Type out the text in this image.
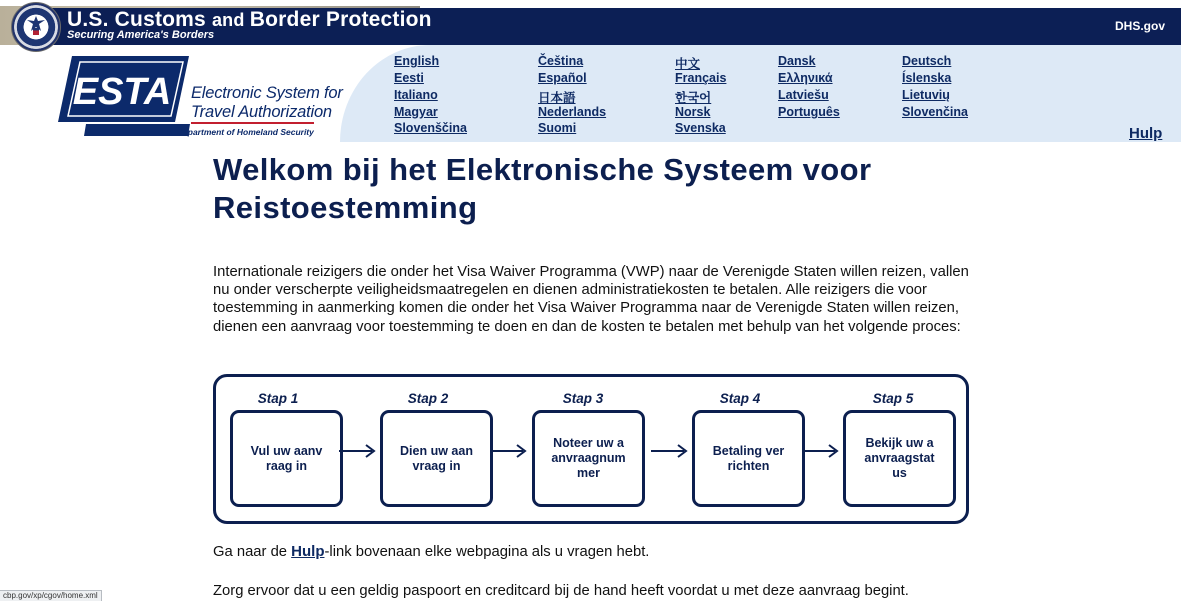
U.S. Customs and Border Protection
Securing America's Borders
DHS.gov
ESTA Electronic System for
Travel Authorization
U.S. Department of Homeland Security
English	Čeština	中文	Dansk	Deutsch
Eesti	Español	Français	Ελληνικά	Íslenska
Italiano	日本語	한국어	Latviešu	Lietuvių
Magyar	Nederlands	Norsk	Português	Slovenčina
Slovenščina	Suomi	Svenska	Hulp
Welkom bij het Elektronische Systeem voor Reistoestemming

Internationale reizigers die onder het Visa Waiver Programma (VWP) naar de Verenigde Staten willen reizen, vallen nu onder verscherpte veiligheidsmaatregelen en dienen administratiekosten te betalen. Alle reizigers die voor toestemming in aanmerking komen die onder het Visa Waiver Programma naar de Verenigde Staten willen reizen, dienen een aanvraag voor toestemming te doen en dan de kosten te betalen met behulp van het volgende proces:

Stap 1	Stap 2	Stap 3	Stap 4	Stap 5
Vul uw aanvraag in
Dien uw aanvraag in
Noteer uw aanvraagnummer
Betaling verrichten
Bekijk uw aanvraagstatus
Ga naar de Hulp-link bovenaan elke webpagina als u vragen hebt.
Zorg ervoor dat u een geldig paspoort en creditcard bij de hand heeft voordat u met deze aanvraag begint.
cbp.gov/xp/cgov/home.xml
